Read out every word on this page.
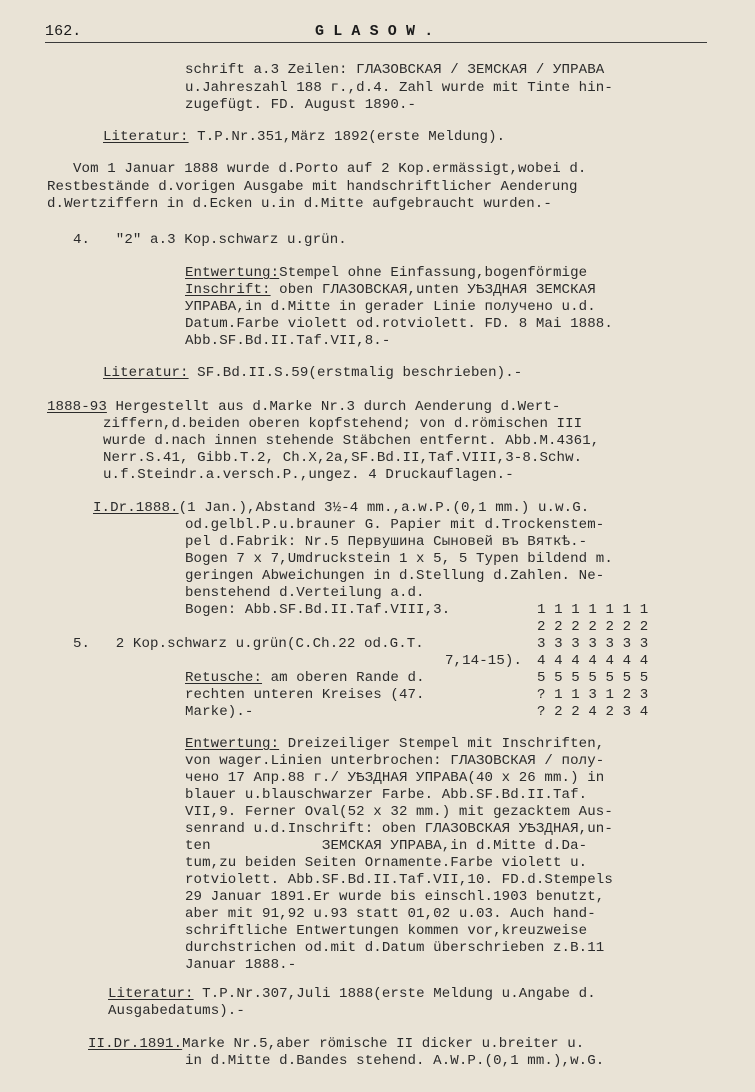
162.	G L A S O W .
schrift a.3 Zeilen: ГЛАЗОВСКАЯ / ЗЕМСКАЯ / УПРАВА
u.Jahreszahl 188 г.,d.4. Zahl wurde mit Tinte hin-
zugefügt. FD. August 1890.-
Literatur: T.P.Nr.351,März 1892(erste Meldung).
Vom 1 Januar 1888 wurde d.Porto auf 2 Kop.ermässigt,wobei d.
Restbestände d.vorigen Ausgabe mit handschriftlicher Aenderung
d.Wertziffern in d.Ecken u.in d.Mitte aufgebraucht wurden.-
4.   "2" a.3 Kop.schwarz u.grün.
Entwertung:Stempel ohne Einfassung,bogenförmige
Inschrift: oben ГЛАЗОВСКАЯ,unten УѢЗДНАЯ ЗЕМСКАЯ
УПРАВА,in d.Mitte in gerader Linie получено u.d.
Datum.Farbe violett od.rotviolett. FD. 8 Mai 1888.
Abb.SF.Bd.II.Taf.VII,8.-
Literatur: SF.Bd.II.S.59(erstmalig beschrieben).-
1888-93 Hergestellt aus d.Marke Nr.3 durch Aenderung d.Wert-
ziffern,d.beiden oberen kopfstehend; von d.römischen III
wurde d.nach innen stehende Stäbchen entfernt. Abb.M.4361,
Nerr.S.41, Gibb.T.2, Ch.X,2a,SF.Bd.II,Taf.VIII,3-8.Schw.
u.f.Steindr.a.versch.P.,ungez. 4 Druckauflagen.-
I.Dr.1888.(1 Jan.),Abstand 3½-4 mm.,a.w.P.(0,1 mm.) u.w.G.
od.gelbl.P.u.brauner G. Papier mit d.Trockenstem-
pel d.Fabrik: Nr.5 Первушина Сыновей въ Вяткѣ.-
Bogen 7 x 7,Umdruckstein 1 x 5, 5 Typen bildend m.
geringen Abweichungen in d.Stellung d.Zahlen. Ne-
benstehend d.Verteilung a.d.
Bogen: Abb.SF.Bd.II.Taf.VIII,3.	1 1 1 1 1 1 1
2 2 2 2 2 2 2
3 3 3 3 3 3 3
4 4 4 4 4 4 4
5 5 5 5 5 5 5
? 1 1 3 1 2 3
? 2 2 4 2 3 4
5.   2 Kop.schwarz u.grün(C.Ch.22 od.G.T.
7,14-15).
Retusche: am oberen Rande d.
rechten unteren Kreises (47.
Marke).-
Entwertung: Dreizeiliger Stempel mit Inschriften,
von wager.Linien unterbrochen: ГЛАЗОВСКАЯ / полу-
чено 17 Апр.88 г./ УѢЗДНАЯ УПРАВА(40 x 26 mm.) in
blauer u.blauschwarzer Farbe. Abb.SF.Bd.II.Taf.
VII,9. Ferner Oval(52 x 32 mm.) mit gezacktem Aus-
senrand u.d.Inschrift: oben ГЛАЗОВСКАЯ УѢЗДНАЯ,un-
ten             ЗЕМСКАЯ УПРАВА,in d.Mitte d.Da-
tum,zu beiden Seiten Ornamente.Farbe violett u.
rotviolett. Abb.SF.Bd.II.Taf.VII,10. FD.d.Stempels
29 Januar 1891.Er wurde bis einschl.1903 benutzt,
aber mit 91,92 u.93 statt 01,02 u.03. Auch hand-
schriftliche Entwertungen kommen vor,kreuzweise
durchstrichen od.mit d.Datum überschrieben z.B.11
Januar 1888.-
Literatur: T.P.Nr.307,Juli 1888(erste Meldung u.Angabe d.
Ausgabedatums).-
II.Dr.1891.Marke Nr.5,aber römische II dicker u.breiter u.
in d.Mitte d.Bandes stehend. A.W.P.(0,1 mm.),w.G.
